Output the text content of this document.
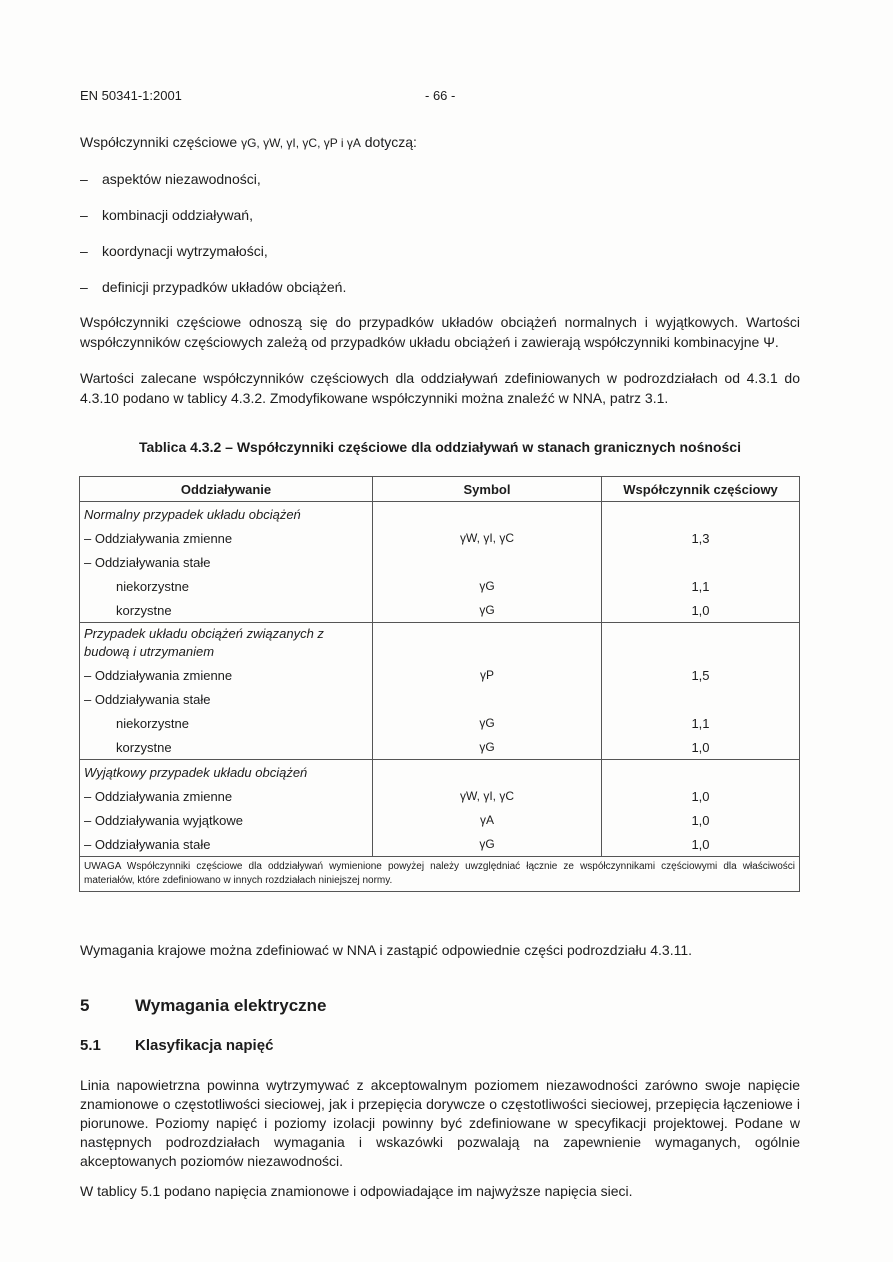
EN 50341-1:2001	- 66 -
Współczynniki częściowe γG, γW, γI, γC, γP i γA dotyczą:
–	aspektów niezawodności,
–	kombinacji oddziaływań,
–	koordynacji wytrzymałości,
–	definicji przypadków układów obciążeń.

Współczynniki częściowe odnoszą się do przypadków układów obciążeń normalnych i wyjątkowych. Wartości współczynników częściowych zależą od przypadków układu obciążeń i zawierają współczynniki kombinacyjne Ψ.

Wartości zalecane współczynników częściowych dla oddziaływań zdefiniowanych w podrozdziałach od 4.3.1 do 4.3.10 podano w tablicy 4.3.2. Zmodyfikowane współczynniki można znaleźć w NNA, patrz 3.1.

Tablica 4.3.2 – Współczynniki częściowe dla oddziaływań w stanach granicznych nośności
Oddziaływanie	Symbol	Współczynnik częściowy
Normalny przypadek układu obciążeń		
– Oddziaływania zmienne	γW, γI, γC	1,3
– Oddziaływania stałe		
niekorzystne	γG	1,1
korzystne	γG	1,0
Przypadek układu obciążeń związanych z budową i utrzymaniem		
– Oddziaływania zmienne	γP	1,5
– Oddziaływania stałe		
niekorzystne	γG	1,1
korzystne	γG	1,0
Wyjątkowy przypadek układu obciążeń		
– Oddziaływania zmienne	γW, γI, γC	1,0
– Oddziaływania wyjątkowe	γA	1,0
– Oddziaływania stałe	γG	1,0
UWAGA Współczynniki częściowe dla oddziaływań wymienione powyżej należy uwzględniać łącznie ze współczynnikami częściowymi dla właściwości materiałów, które zdefiniowano w innych rozdziałach niniejszej normy.		

Wymagania krajowe można zdefiniować w NNA i zastąpić odpowiednie części podrozdziału 4.3.11.

5	Wymagania elektryczne
5.1 Klasyfikacja napięć

Linia napowietrzna powinna wytrzymywać z akceptowalnym poziomem niezawodności zarówno swoje napięcie znamionowe o częstotliwości sieciowej, jak i przepięcia dorywcze o częstotliwości sieciowej, przepięcia łączeniowe i piorunowe. Poziomy napięć i poziomy izolacji powinny być zdefiniowane w specyfikacji projektowej. Podane w następnych podrozdziałach wymagania i wskazówki pozwalają na zapewnienie wymaganych, ogólnie akceptowanych poziomów niezawodności.

W tablicy 5.1 podano napięcia znamionowe i odpowiadające im najwyższe napięcia sieci.
